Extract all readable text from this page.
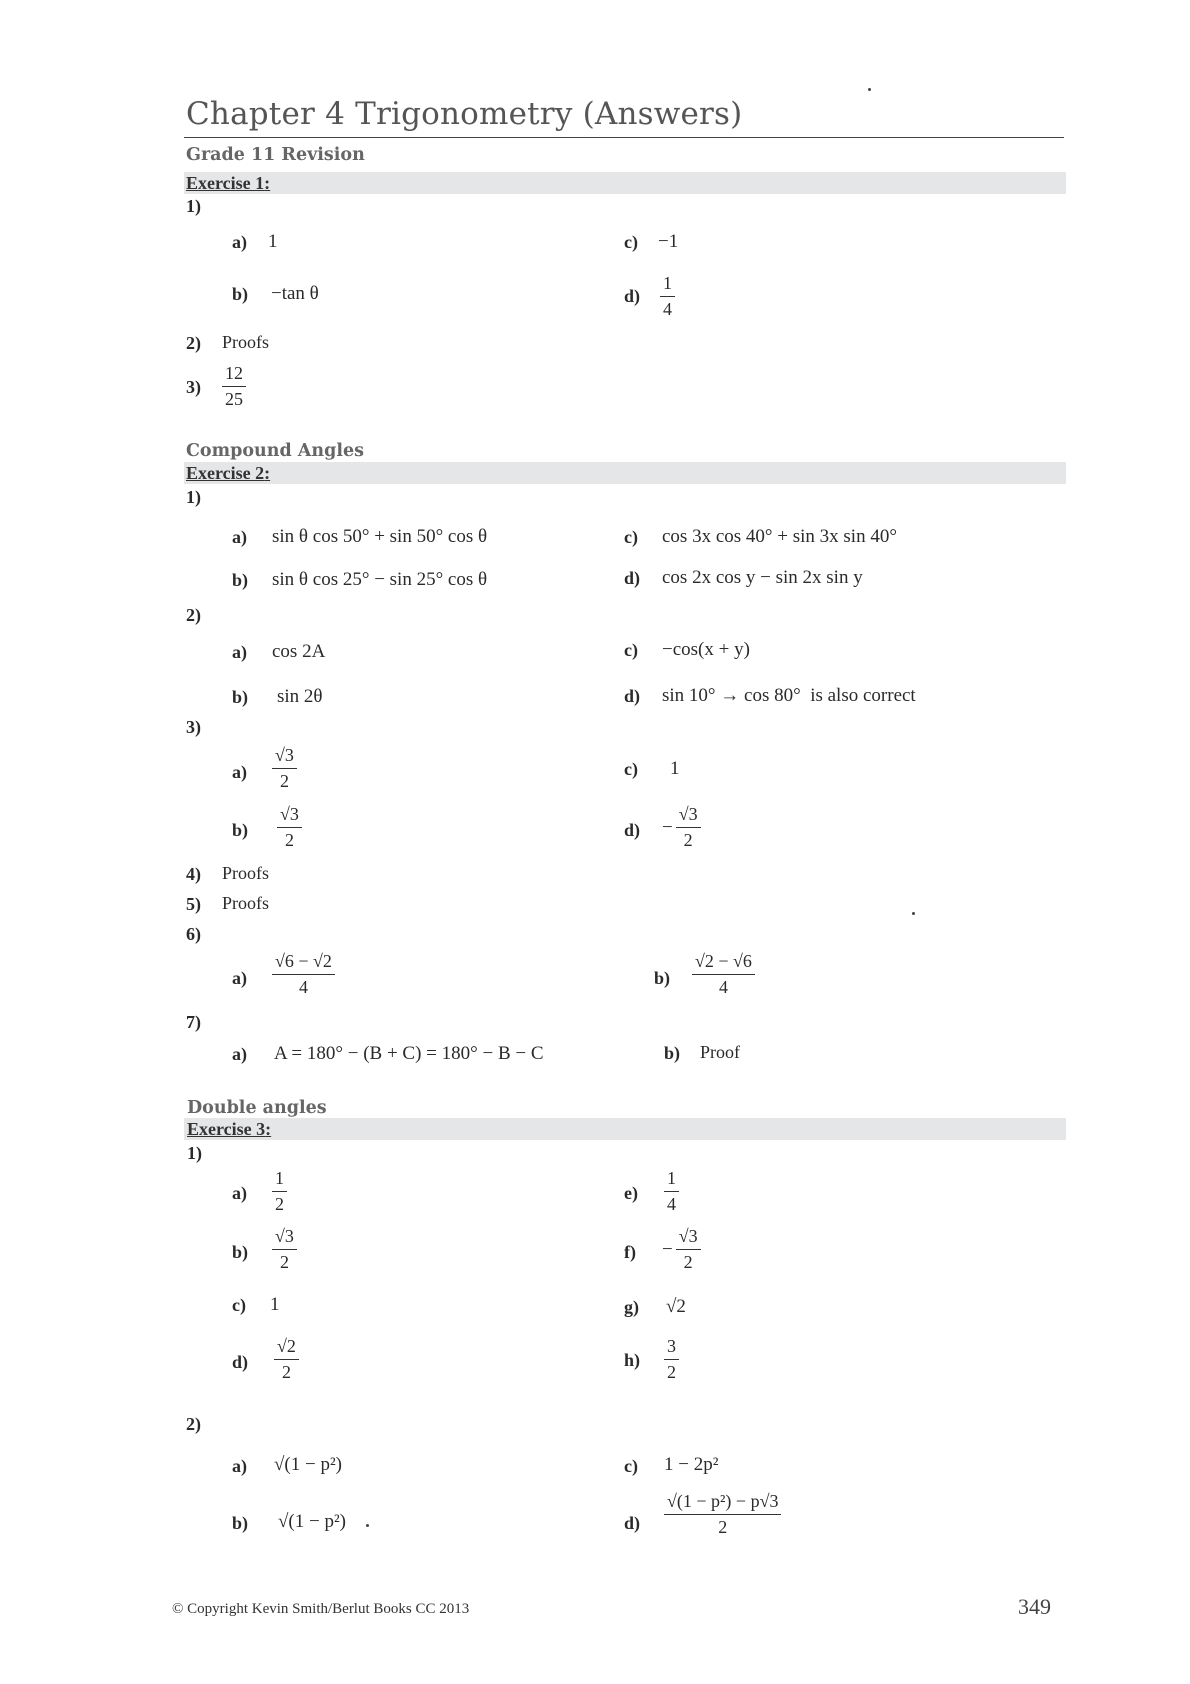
Chapter 4 Trigonometry (Answers)
Grade 11 Revision
Exercise 1:
1)
a) 1	c) −1
b) −tan θ	$d) \frac{1}{4}$
2) Proofs
$3) \frac{12}{25}$
Compound Angles
Exercise 2:
1)
a) sin θ cos 50° + sin 50° cos θ	c) cos 3x cos 40° + sin 3x sin 40°
b) sin θ cos 25° − sin 25° cos θ	d) cos 2x cos y − sin 2x sin y
2)
a) cos 2A	c) −cos(x + y)
b) sin 2θ	d) sin 10° → cos 80° is also correct
3)
$a) \frac{√3}{2}$	c) 1
$b) \frac{√3}{2}$	$d) - \frac{√3}{2}$
4) Proofs
5) Proofs
6)
$a) \frac{√6 - √2}{4}$	$b) \frac{√2 - √6}{4}$
7)
a) A = 180° − (B + C) = 180° − B − C	b) Proof
Double angles
Exercise 3:
1)
$a) \frac{1}{2}$	$e) \frac{1}{4}$
$b) \frac{√3}{2}$	$f) - \frac{√3}{2}$
c) 1	g) √2
$d) \frac{√2}{2}$	$h) \frac{3}{2}$
2)
a) √(1 − p²)	c) 1 − 2p²
b) √(1 − p²)	$d) \frac{\text{√(1 − p²) − p√3}}{2}$
© Copyright Kevin Smith/Berlut Books CC 2013	349
